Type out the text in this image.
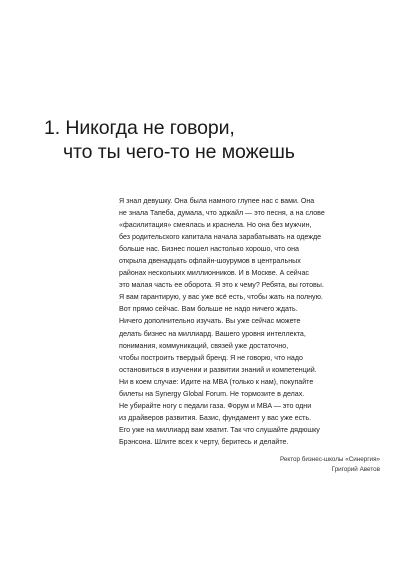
1. Никогда не говори,
что ты чего-то не можешь
Я знал девушку. Она была намного глупее нас с вами. Она
не знала Тапеба, думала, что эджайл — это песня, а на слове
«фасилитация» смеялась и краснела. Но она без мужчин,
без родительского капитала начала зарабатывать на одежде
больше нас. Бизнес пошел настолько хорошо, что она
открыла двенадцать офлайн-шоурумов в центральных
районах нескольких миллионников. И в Москве. А сейчас
это малая часть ее оборота. Я это к чему? Ребята, вы готовы.
Я вам гарантирую, у вас уже всё есть, чтобы жать на полную.
Вот прямо сейчас. Вам больше не надо ничего ждать.
Ничего дополнительно изучать. Вы уже сейчас можете
делать бизнес на миллиард. Вашего уровня интеллекта,
понимания, коммуникаций, связей уже достаточно,
чтобы построить твердый бренд. Я не говорю, что надо
остановиться в изучении и развитии знаний и компетенций.
Ни в коем случае: Идите на MBA (только к нам), покупайте
билеты на Synergy Global Forum. Не тормозите в делах.
Не убирайте ногу с педали газа. Форум и MBA — это одни
из драйверов развития. Базис, фундамент у вас уже есть.
Его уже на миллиард вам хватит. Так что слушайте дядюшку
Брэнсона. Шлите всех к черту, беритесь и делайте.
Ректор бизнес-школы «Синергия»
Григорий Аветов
